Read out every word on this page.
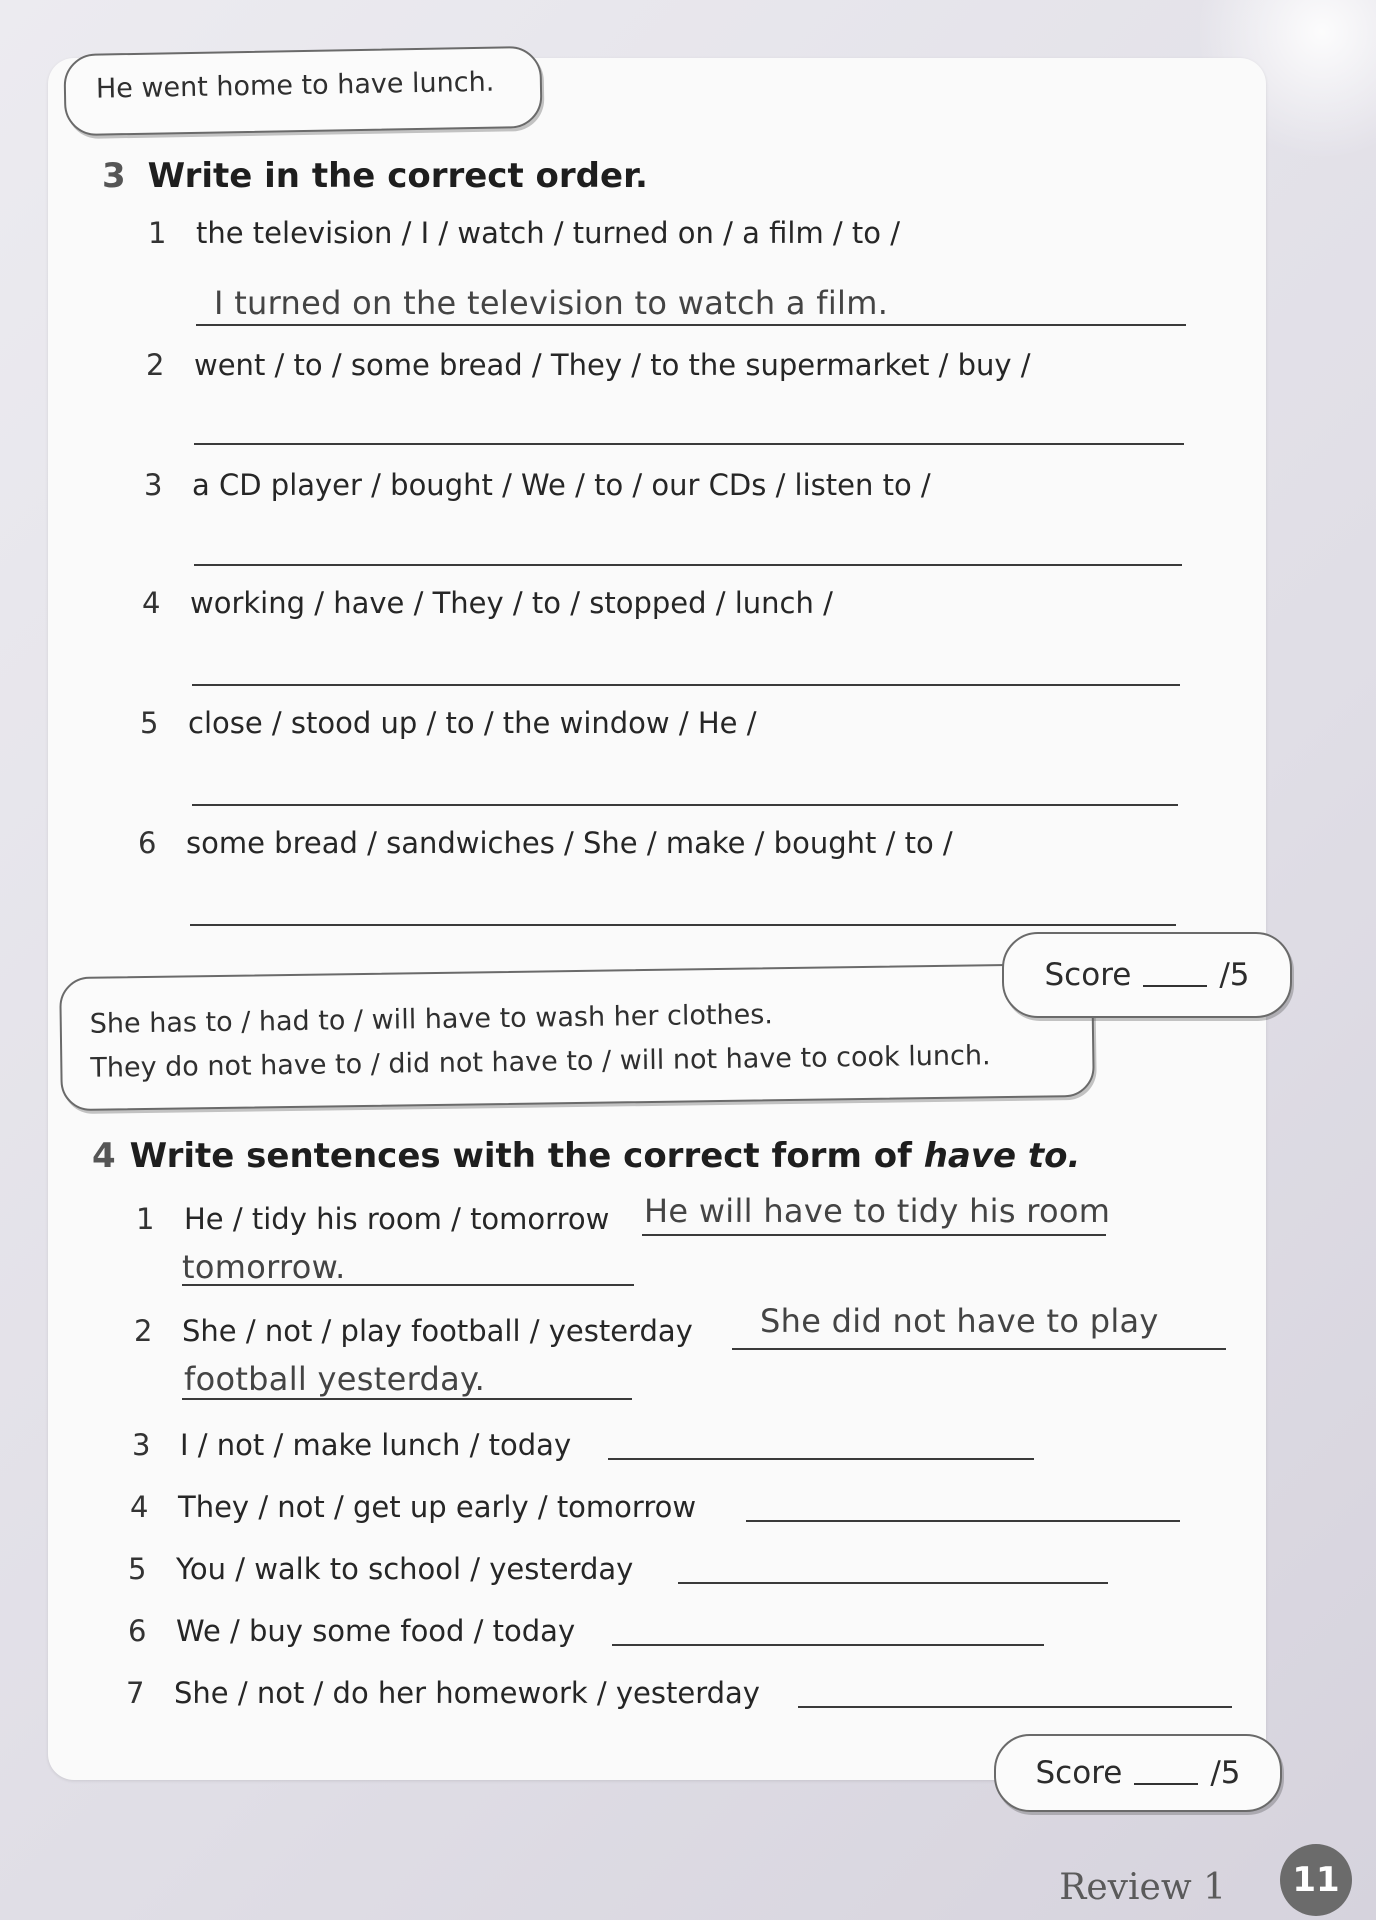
He went home to have lunch.
3 Write in the correct order.
1 the television / I / watch / turned on / a film / to /
I turned on the television to watch a film.
2 went / to / some bread / They / to the supermarket / buy /
3 a CD player / bought / We / to / our CDs / listen to /
4 working / have / They / to / stopped / lunch /
5 close / stood up / to / the window / He /
6 some bread / sandwiches / She / make / bought / to /
Score	/5
She has to / had to / will have to wash her clothes.
They do not have to / did not have to / will not have to cook lunch.
4 Write sentences with the correct form of have to.
1 He / tidy his room / tomorrow He will have to tidy his room
tomorrow.
2 She / not / play football / yesterday She did not have to play
football yesterday.
3 I / not / make lunch / today
4 They / not / get up early / tomorrow
5 You / walk to school / yesterday
6 We / buy some food / today
7 She / not / do her homework / yesterday
Score	/5
Review 1	11
